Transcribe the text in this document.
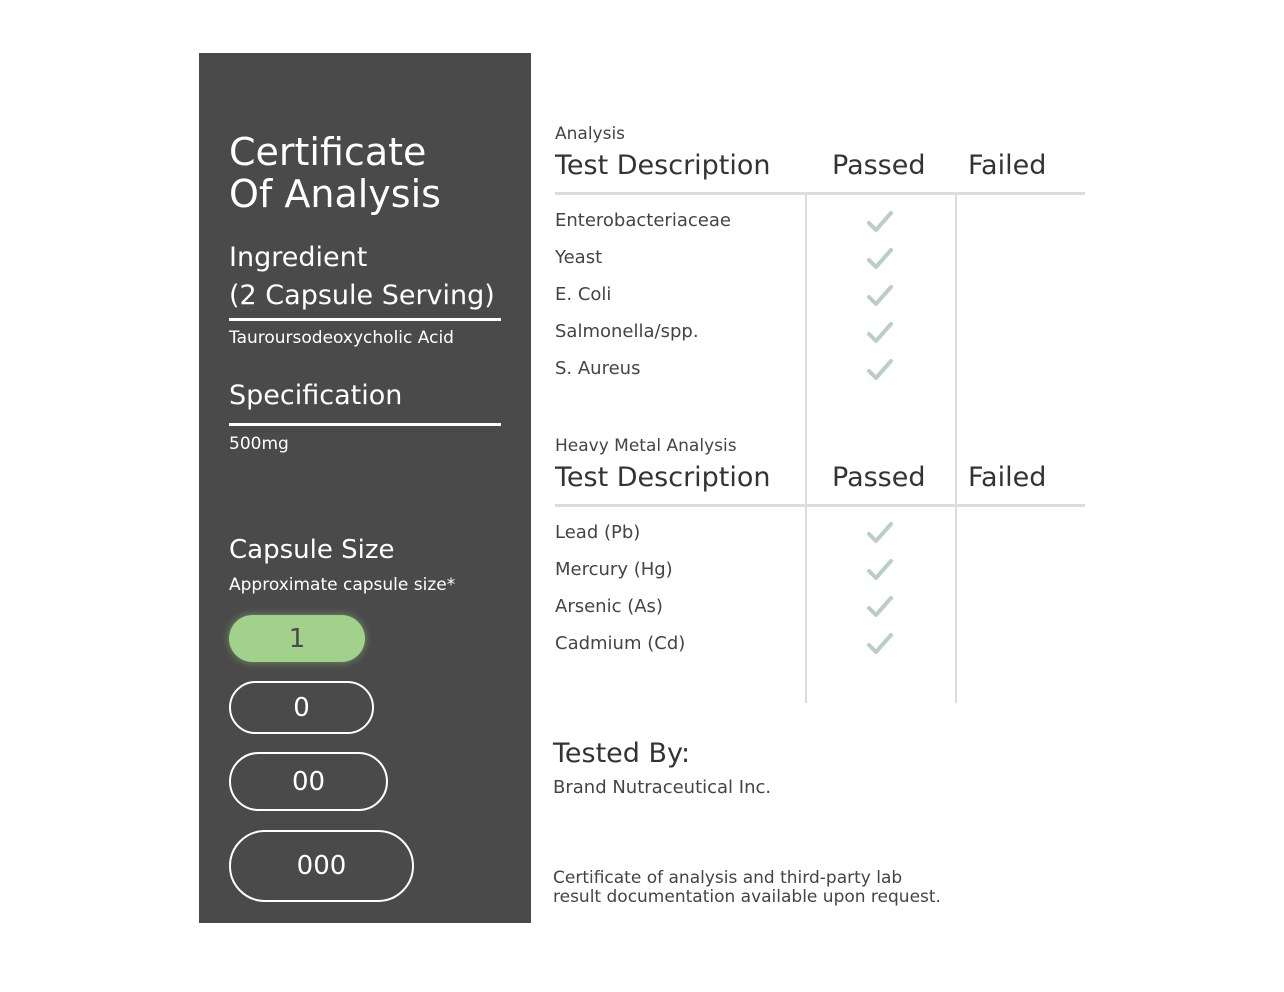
Certificate
Of Analysis
Ingredient
(2 Capsule Serving)
Tauroursodeoxycholic Acid
Specification
500mg
Capsule Size
Approximate capsule size*
1
0
00
000
Analysis
Test Description Passed Failed
Enterobacteriaceae
Yeast
E. Coli
Salmonella/spp.
S. Aureus
Heavy Metal Analysis
Test Description Passed Failed
Lead (Pb)
Mercury (Hg)
Arsenic (As)
Cadmium (Cd)
Tested By:
Brand Nutraceutical Inc.
Certificate of analysis and third-party lab
result documentation available upon request.
